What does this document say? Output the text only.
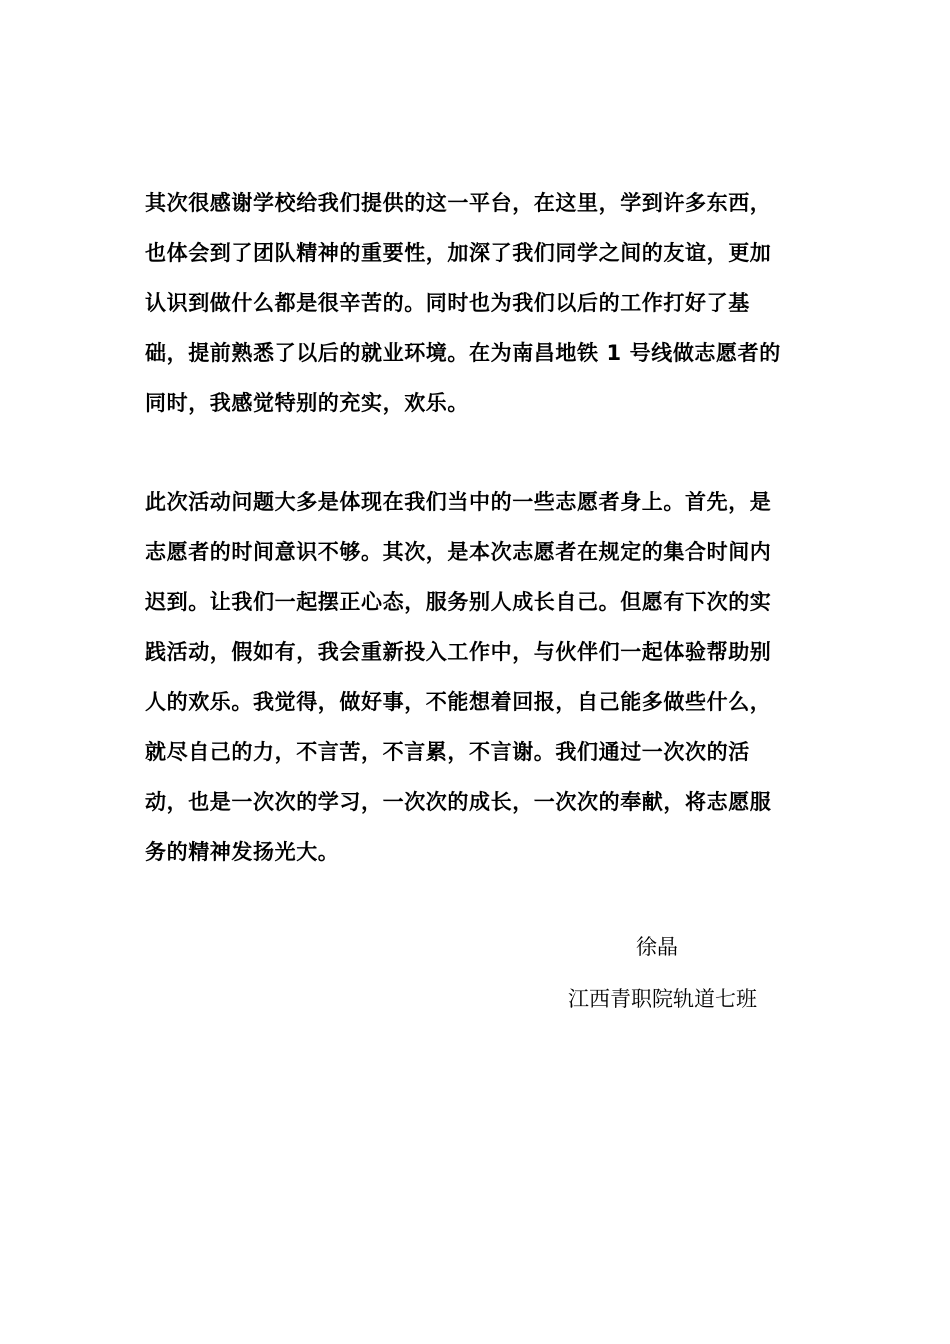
其次很感谢学校给我们提供的这一平台，在这里，学到许多东西，
也体会到了团队精神的重要性，加深了我们同学之间的友谊，更加
认识到做什么都是很辛苦的。同时也为我们以后的工作打好了基
础，提前熟悉了以后的就业环境。在为南昌地铁 1 号线做志愿者的
同时，我感觉特别的充实，欢乐。
此次活动问题大多是体现在我们当中的一些志愿者身上。首先，是
志愿者的时间意识不够。其次，是本次志愿者在规定的集合时间内
迟到。让我们一起摆正心态，服务别人成长自己。但愿有下次的实
践活动，假如有，我会重新投入工作中，与伙伴们一起体验帮助别
人的欢乐。我觉得，做好事，不能想着回报，自己能多做些什么，
就尽自己的力，不言苦，不言累，不言谢。我们通过一次次的活
动，也是一次次的学习，一次次的成长，一次次的奉献，将志愿服
务的精神发扬光大。
徐晶
江西青职院轨道七班
